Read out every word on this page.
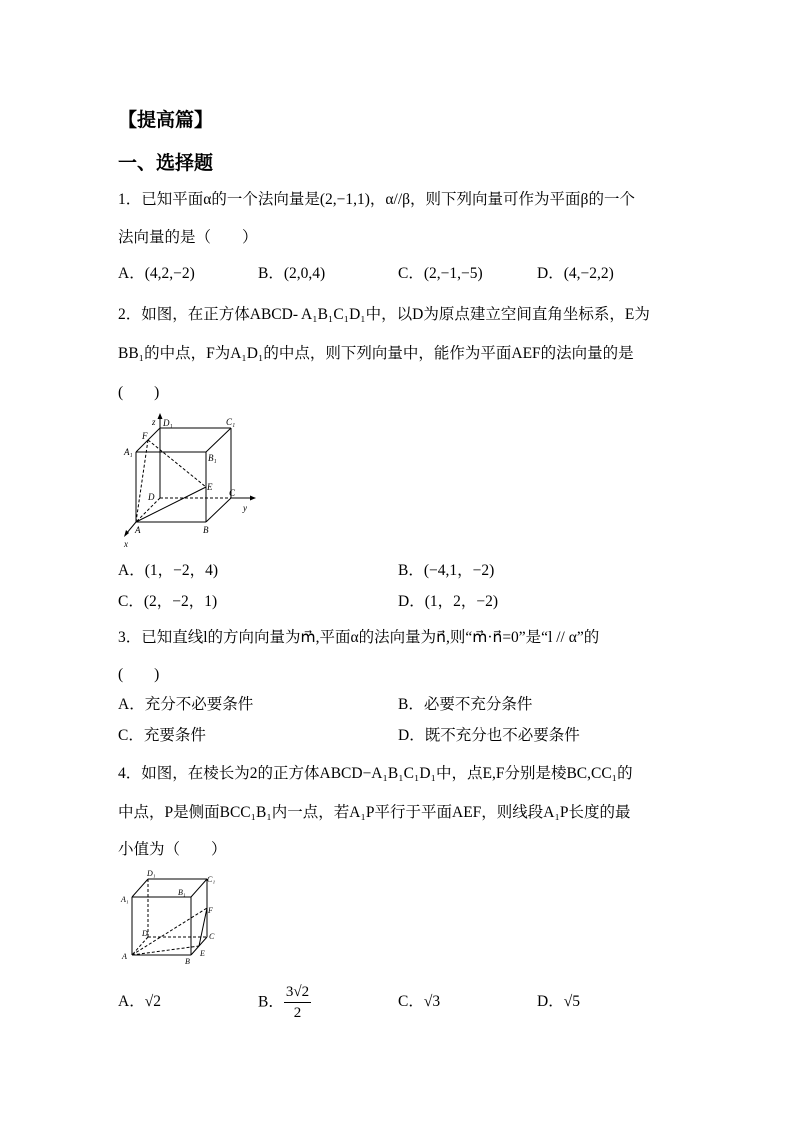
【提高篇】
一、选择题
1．已知平面α的一个法向量是(2,−1,1)，α//β，则下列向量可作为平面β的一个
法向量的是（　　）
A．(4,2,−2)	B．(2,0,4)	C．(2,−1,−5)	D．(4,−2,2)
2．如图，在正方体ABCD- A₁B₁C₁D₁中，以D为原点建立空间直角坐标系，E为
BB₁的中点，F为A₁D₁的中点，则下列向量中，能作为平面AEF的法向量的是
(　　)
z D₁	C₁
F
A₁
B₁
D
E
C
y
A	B
x
A．(1，−2，4)	B．(−4,1，−2)
C．(2，−2，1)	D．(1，2，−2)
3．已知直线l的方向向量为m⃗,平面α的法向量为n⃗,则“m⃗·n⃗=0”是“l // α”的
(　　)
A．充分不必要条件	B．必要不充分条件
C．充要条件	D．既不充分也不必要条件
4．如图，在棱长为2的正方体ABCD−A₁B₁C₁D₁中，点E,F分别是棱BC,CC₁的
中点，P是侧面BCC₁B₁内一点，若A₁P平行于平面AEF，则线段A₁P长度的最
小值为（　　）
D₁
C₁
A₁
B₁
F
D	C
A
B
E
A．√2	B． $\frac{3√2}{2}$	C．√3	D．√5
